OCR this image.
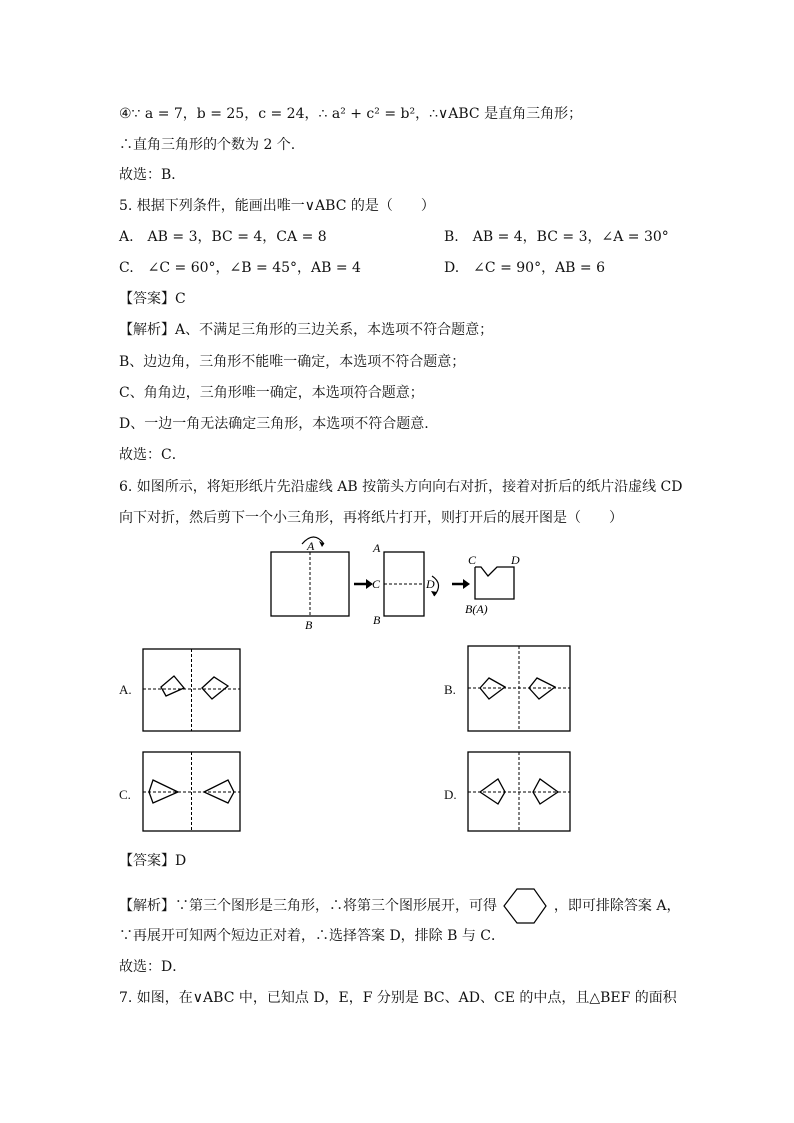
④∵ a = 7，b = 25，c = 24，∴ a² + c² = b²，∴∨ABC 是直角三角形；
∴直角三角形的个数为 2 个.
故选：B．
5. 根据下列条件，能画出唯一∨ABC 的是（　　）
A.　AB = 3，BC = 4，CA = 8	B.　AB = 4，BC = 3，∠A = 30°
C.　∠C = 60°，∠B = 45°，AB = 4	D.　∠C = 90°，AB = 6
【答案】C
【解析】A、不满足三角形的三边关系，本选项不符合题意；
B、边边角，三角形不能唯一确定，本选项不符合题意；
C、角角边，三角形唯一确定，本选项符合题意；
D、一边一角无法确定三角形，本选项不符合题意.
故选：C．
6. 如图所示，将矩形纸片先沿虚线 AB 按箭头方向向右对折，接着对折后的纸片沿虚线 CD
向下对折，然后剪下一个小三角形，再将纸片打开，则打开后的展开图是（　　）
A
B
C
A
B
D
C	D
B(A)
A.	B.
C.	D.
【答案】D
【解析】∵第三个图形是三角形，∴将第三个图形展开，可得	，即可排除答案 A，
∵再展开可知两个短边正对着，∴选择答案 D，排除 B 与 C．
故选：D．
7. 如图，在∨ABC 中，已知点 D，E，F 分别是 BC、AD、CE 的中点，且△BEF 的面积
